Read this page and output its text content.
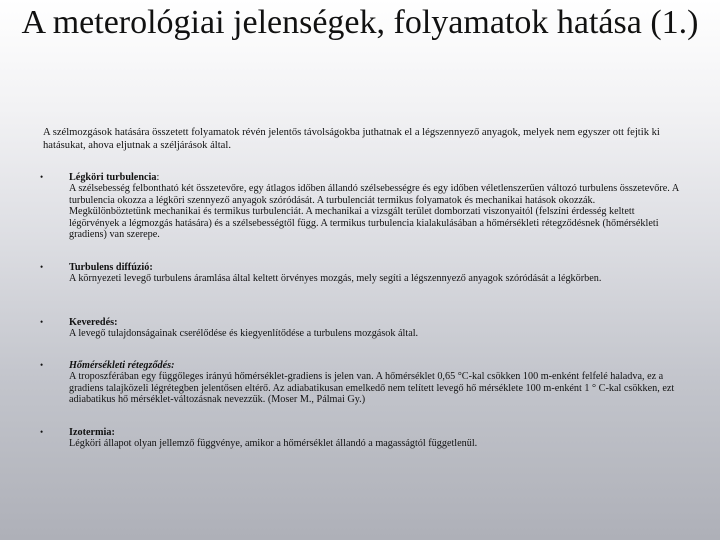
A meterológiai jelenségek, folyamatok hatása (1.)

A szélmozgások hatására összetett folyamatok révén jelentős távolságokba juthatnak el a légszennyező anyagok, melyek nem egyszer ott fejtik ki hatásukat, ahova eljutnak a széljárások által.

•	Légköri turbulencia:
A szélsebesség felbontható két összetevőre, egy átlagos időben állandó szélsebességre és egy időben véletlenszerűen változó turbulens összetevőre. A turbulencia okozza a légköri szennyező anyagok szóródását. A turbulenciát termikus folyamatok és mechanikai hatások okozzák. Megkülönböztetünk mechanikai és termikus turbulenciát. A mechanikai a vizsgált terület domborzati viszonyaitól (felszíni érdesség keltett légörvények a légmozgás hatására) és a szélsebességtől függ. A termikus turbulencia kialakulásában a hőmérsékleti rétegződésnek (hőmérsékleti gradiens) van szerepe.
•	Turbulens diffúzió:
A környezeti levegő turbulens áramlása által keltett örvényes mozgás, mely segíti a légszennyező anyagok szóródását a légkörben.
•	Keveredés:
A levegő tulajdonságainak cserélődése és kiegyenlítődése a turbulens mozgások által.
•	Hőmérsékleti rétegződés:
A troposzférában egy függőleges irányú hőmérséklet-gradiens is jelen van. A hőmérséklet 0,65 °C-kal csökken 100 m-enként felfelé haladva, ez a gradiens talajközeli légrétegben jelentősen eltérő. Az adiabatikusan emelkedő nem telített levegő hő mérséklete 100 m-enként 1 ° C-kal csökken, ezt adiabatikus hő mérséklet-változásnak nevezzük. (Moser M., Pálmai Gy.)
•	Izotermia:
Légköri állapot olyan jellemző függvénye, amikor a hőmérséklet állandó a magasságtól függetlenül.
